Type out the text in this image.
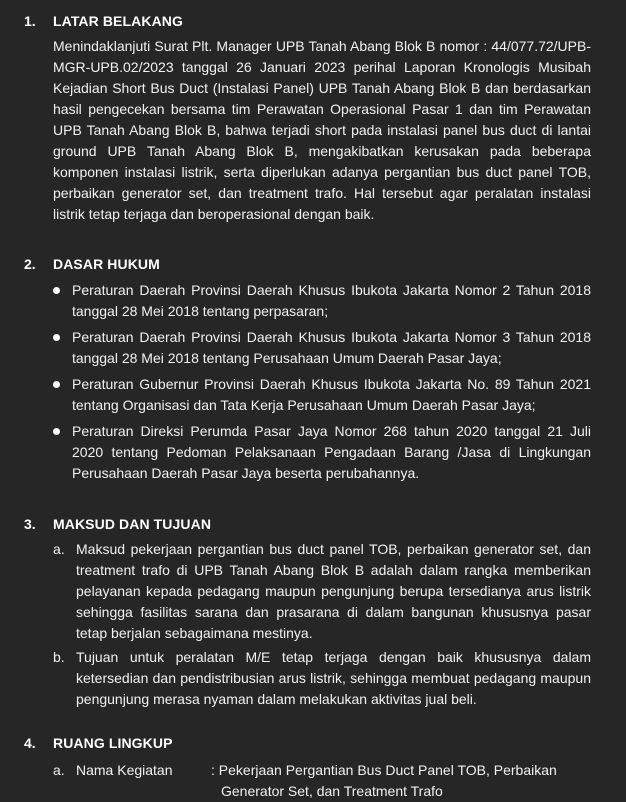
1.	LATAR BELAKANG
Menindaklanjuti Surat Plt. Manager UPB Tanah Abang Blok B nomor : 44/077.72/UPB-MGR-UPB.02/2023 tanggal 26 Januari 2023 perihal Laporan Kronologis Musibah Kejadian Short Bus Duct (Instalasi Panel) UPB Tanah Abang Blok B dan berdasarkan hasil pengecekan bersama tim Perawatan Operasional Pasar 1 dan tim Perawatan UPB Tanah Abang Blok B, bahwa terjadi short pada instalasi panel bus duct di lantai ground UPB Tanah Abang Blok B, mengakibatkan kerusakan pada beberapa komponen instalasi listrik, serta diperlukan adanya pergantian bus duct panel TOB, perbaikan generator set, dan treatment trafo. Hal tersebut agar peralatan instalasi listrik tetap terjaga dan beroperasional dengan baik.
2.	DASAR HUKUM
Peraturan Daerah Provinsi Daerah Khusus Ibukota Jakarta Nomor 2 Tahun 2018 tanggal 28 Mei 2018 tentang perpasaran;
Peraturan Daerah Provinsi Daerah Khusus Ibukota Jakarta Nomor 3 Tahun 2018 tanggal 28 Mei 2018 tentang Perusahaan Umum Daerah Pasar Jaya;
Peraturan Gubernur Provinsi Daerah Khusus Ibukota Jakarta No. 89 Tahun 2021 tentang Organisasi dan Tata Kerja Perusahaan Umum Daerah Pasar Jaya;
Peraturan Direksi Perumda Pasar Jaya Nomor 268 tahun 2020 tanggal 21 Juli 2020 tentang Pedoman Pelaksanaan Pengadaan Barang /Jasa di Lingkungan Perusahaan Daerah Pasar Jaya beserta perubahannya.
3.	MAKSUD DAN TUJUAN
a. Maksud pekerjaan pergantian bus duct panel TOB, perbaikan generator set, dan treatment trafo di UPB Tanah Abang Blok B adalah dalam rangka memberikan pelayanan kepada pedagang maupun pengunjung berupa tersedianya arus listrik sehingga fasilitas sarana dan prasarana di dalam bangunan khususnya pasar tetap berjalan sebagaimana mestinya.
b. Tujuan untuk peralatan M/E tetap terjaga dengan baik khususnya dalam ketersedian dan pendistribusian arus listrik, sehingga membuat pedagang maupun pengunjung merasa nyaman dalam melakukan aktivitas jual beli.
4.	RUANG LINGKUP
a. Nama Kegiatan	: Pekerjaan Pergantian Bus Duct Panel TOB, Perbaikan
Generator Set, dan Treatment Trafo
